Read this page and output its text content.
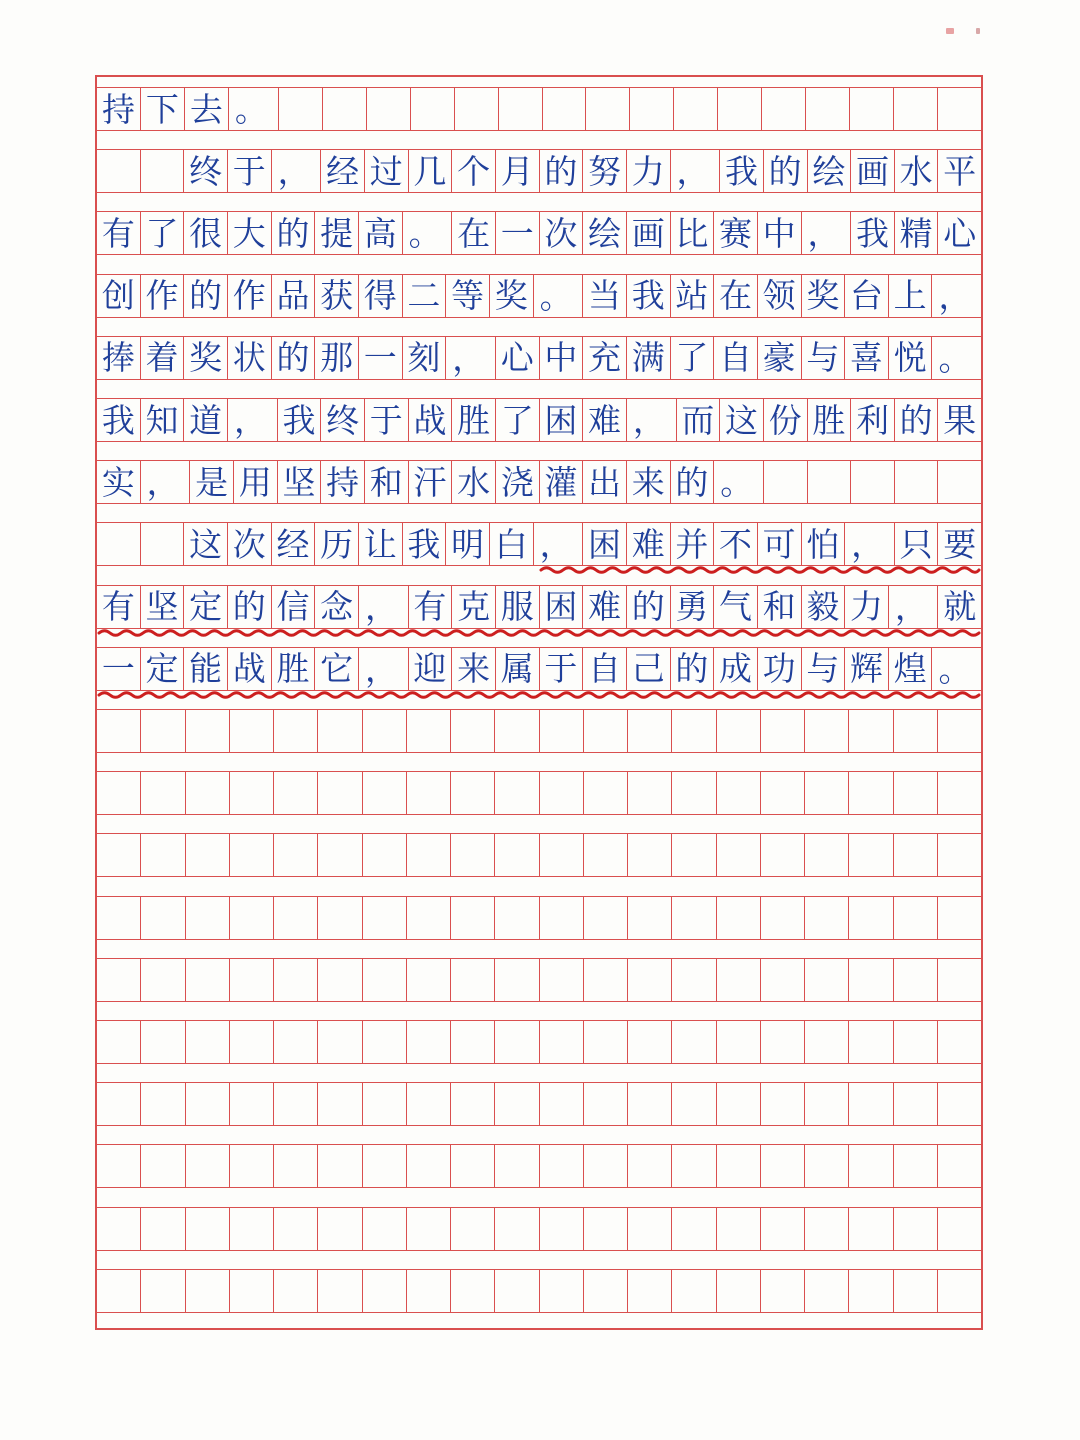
持 下 去 。
终 于 ， 经 过 几 个 月 的 努 力 ， 我 的 绘 画 水 平
有 了 很 大 的 提 高 。 在 一 次 绘 画 比 赛 中 ， 我 精 心
创 作 的 作 品 获 得 二 等 奖 。 当 我 站 在 领 奖 台 上 ，
捧 着 奖 状 的 那 一 刻 ， 心 中 充 满 了 自 豪 与 喜 悦 。
我 知 道 ， 我 终 于 战 胜 了 困 难 ， 而 这 份 胜 利 的 果
实 ， 是 用 坚 持 和 汗 水 浇 灌 出 来 的 。
这 次 经 历 让 我 明 白 ， 困 难 并 不 可 怕 ， 只 要
有 坚 定 的 信 念 ， 有 克 服 困 难 的 勇 气 和 毅 力 ， 就
一 定 能 战 胜 它 ， 迎 来 属 于 自 己 的 成 功 与 辉 煌 。
